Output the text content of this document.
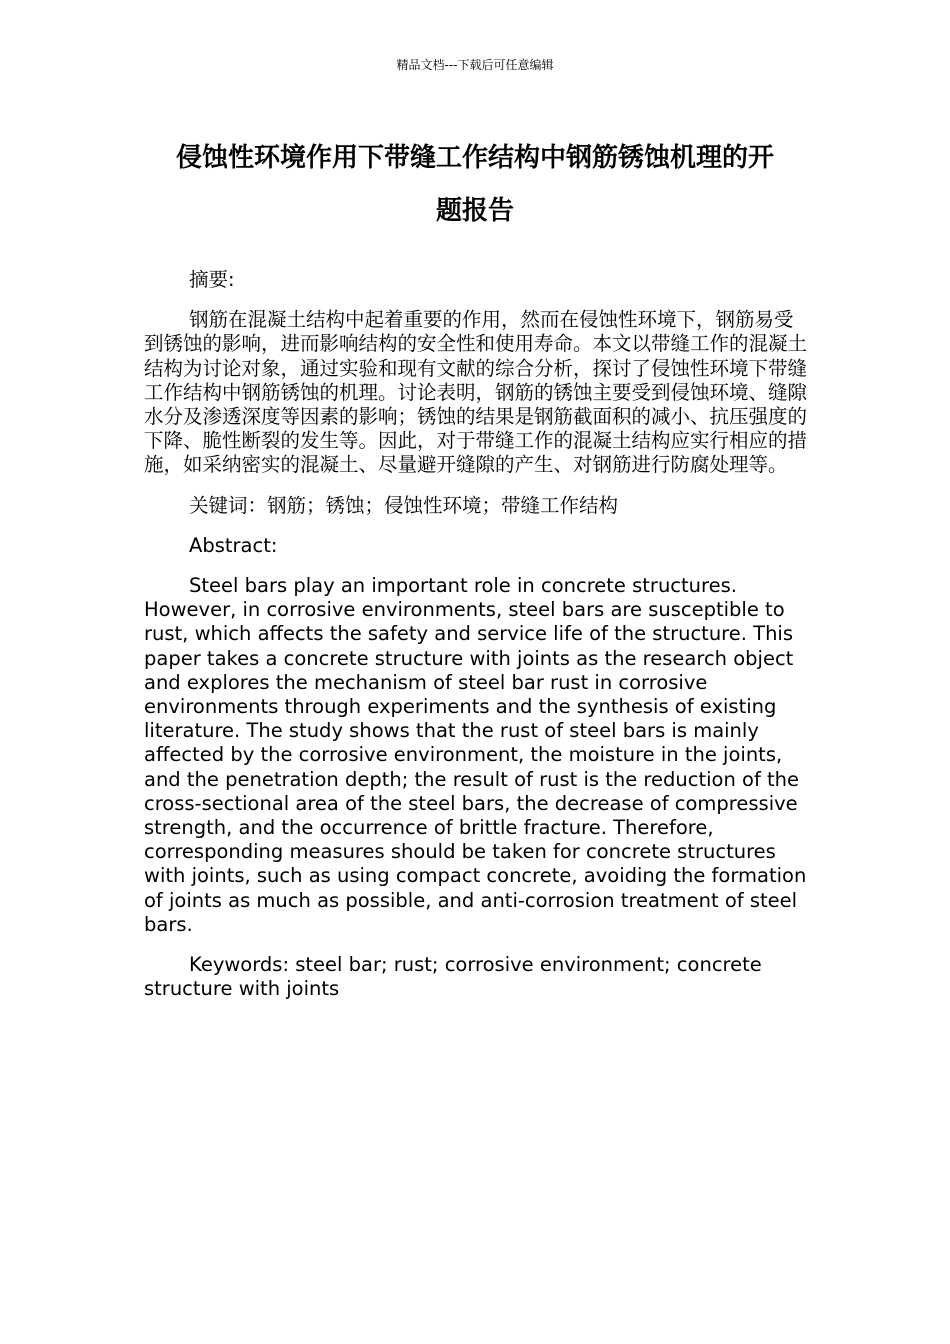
精品文档---下载后可任意编辑
侵蚀性环境作用下带缝工作结构中钢筋锈蚀机理的开
题报告

摘要:

钢筋在混凝土结构中起着重要的作用，然而在侵蚀性环境下，钢筋易受到锈蚀的影响，进而影响结构的安全性和使用寿命。本文以带缝工作的混凝土结构为讨论对象，通过实验和现有文献的综合分析，探讨了侵蚀性环境下带缝工作结构中钢筋锈蚀的机理。讨论表明，钢筋的锈蚀主要受到侵蚀环境、缝隙水分及渗透深度等因素的影响；锈蚀的结果是钢筋截面积的减小、抗压强度的下降、脆性断裂的发生等。因此，对于带缝工作的混凝土结构应实行相应的措施，如采纳密实的混凝土、尽量避开缝隙的产生、对钢筋进行防腐处理等。

关键词：钢筋；锈蚀；侵蚀性环境；带缝工作结构

Abstract:

Steel bars play an important role in concrete structures. However, in corrosive environments, steel bars are susceptible to rust, which affects the safety and service life of the structure. This paper takes a concrete structure with joints as the research object and explores the mechanism of steel bar rust in corrosive environments through experiments and the synthesis of existing literature. The study shows that the rust of steel bars is mainly affected by the corrosive environment, the moisture in the joints, and the penetration depth; the result of rust is the reduction of the cross-sectional area of the steel bars, the decrease of compressive strength, and the occurrence of brittle fracture. Therefore, corresponding measures should be taken for concrete structures with joints, such as using compact concrete, avoiding the formation of joints as much as possible, and anti-corrosion treatment of steel bars.

Keywords: steel bar; rust; corrosive environment; concrete structure with joints
